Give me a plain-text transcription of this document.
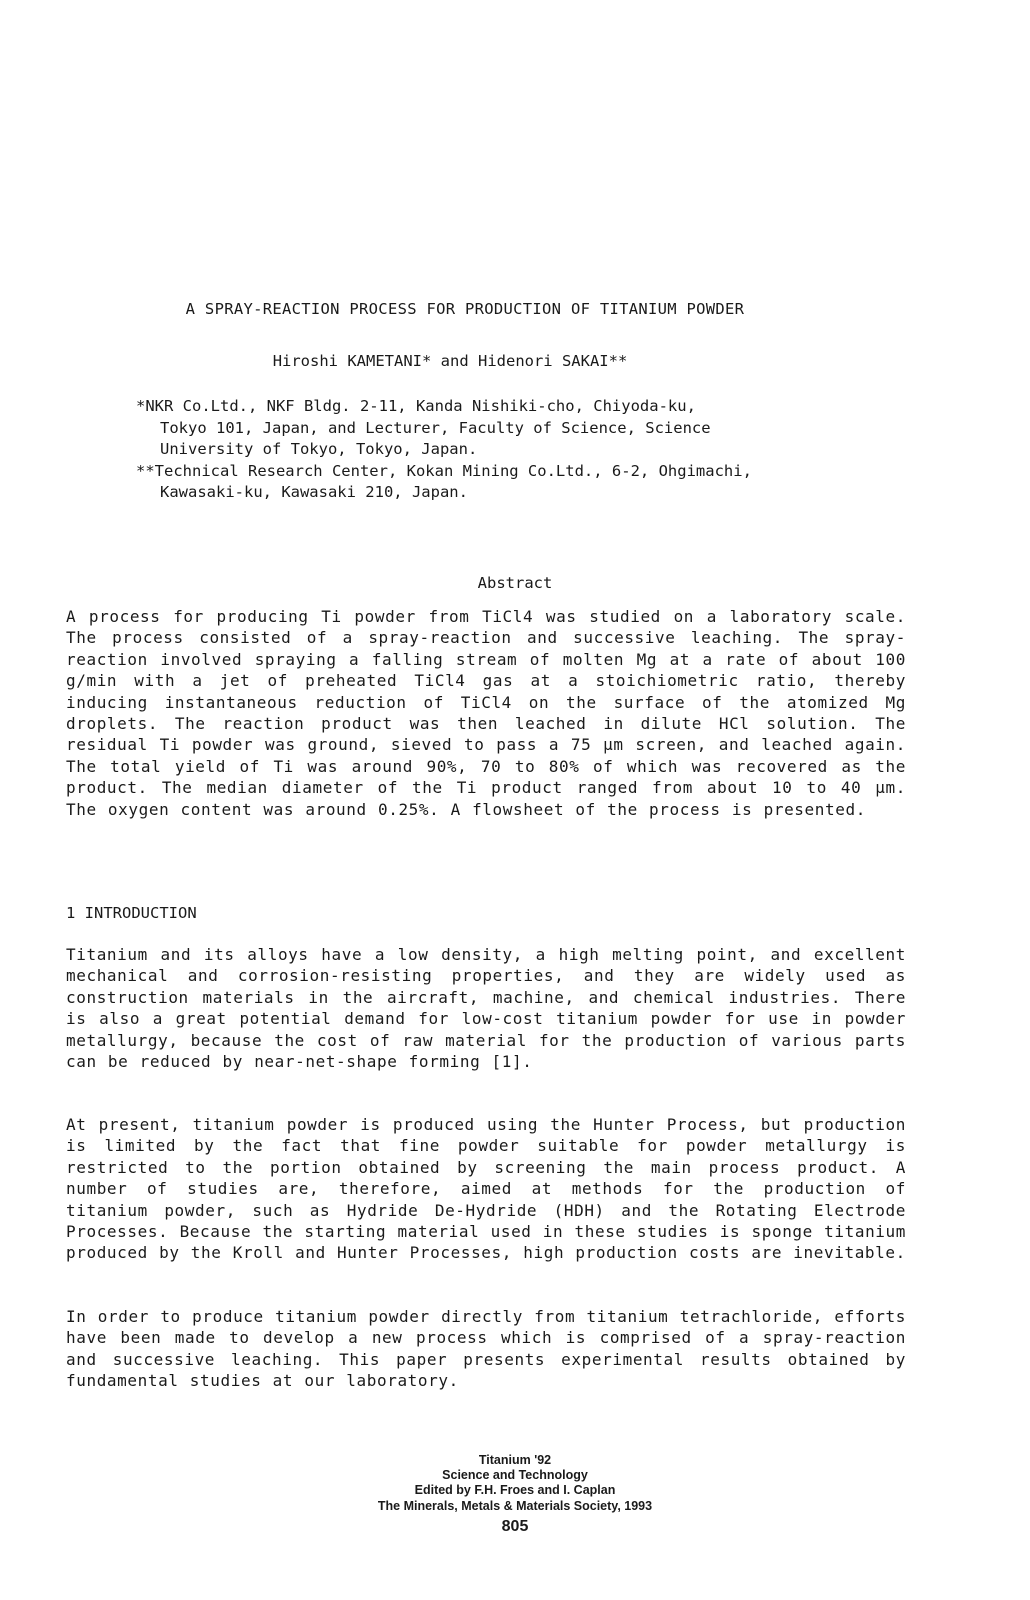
A SPRAY-REACTION PROCESS FOR PRODUCTION OF TITANIUM POWDER
Hiroshi KAMETANI* and Hidenori SAKAI**
*NKR Co.Ltd., NKF Bldg. 2-11, Kanda Nishiki-cho, Chiyoda-ku,
Tokyo 101, Japan, and Lecturer, Faculty of Science, Science
University of Tokyo, Tokyo, Japan.
**Technical Research Center, Kokan Mining Co.Ltd., 6-2, Ohgimachi,
Kawasaki-ku, Kawasaki 210, Japan.
Abstract
A process for producing Ti powder from TiCl4 was studied on a laboratory scale. The process consisted of a spray-reaction and successive leaching. The spray-reaction involved spraying a falling stream of molten Mg at a rate of about 100 g/min with a jet of preheated TiCl4 gas at a stoichiometric ratio, thereby inducing instantaneous reduction of TiCl4 on the surface of the atomized Mg droplets. The reaction product was then leached in dilute HCl solution. The residual Ti powder was ground, sieved to pass a 75 µm screen, and leached again. The total yield of Ti was around 90%, 70 to 80% of which was recovered as the product. The median diameter of the Ti product ranged from about 10 to 40 µm. The oxygen content was around 0.25%. A flowsheet of the process is presented.
1 INTRODUCTION
Titanium and its alloys have a low density, a high melting point, and excellent mechanical and corrosion-resisting properties, and they are widely used as construction materials in the aircraft, machine, and chemical industries. There is also a great potential demand for low-cost titanium powder for use in powder metallurgy, because the cost of raw material for the production of various parts can be reduced by near-net-shape forming [1].
At present, titanium powder is produced using the Hunter Process, but production is limited by the fact that fine powder suitable for powder metallurgy is restricted to the portion obtained by screening the main process product. A number of studies are, therefore, aimed at methods for the production of titanium powder, such as Hydride De-Hydride (HDH) and the Rotating Electrode Processes. Because the starting material used in these studies is sponge titanium produced by the Kroll and Hunter Processes, high production costs are inevitable.
In order to produce titanium powder directly from titanium tetrachloride, efforts have been made to develop a new process which is comprised of a spray-reaction and successive leaching. This paper presents experimental results obtained by fundamental studies at our laboratory.
Titanium '92
Science and Technology
Edited by F.H. Froes and I. Caplan
The Minerals, Metals & Materials Society, 1993
805
